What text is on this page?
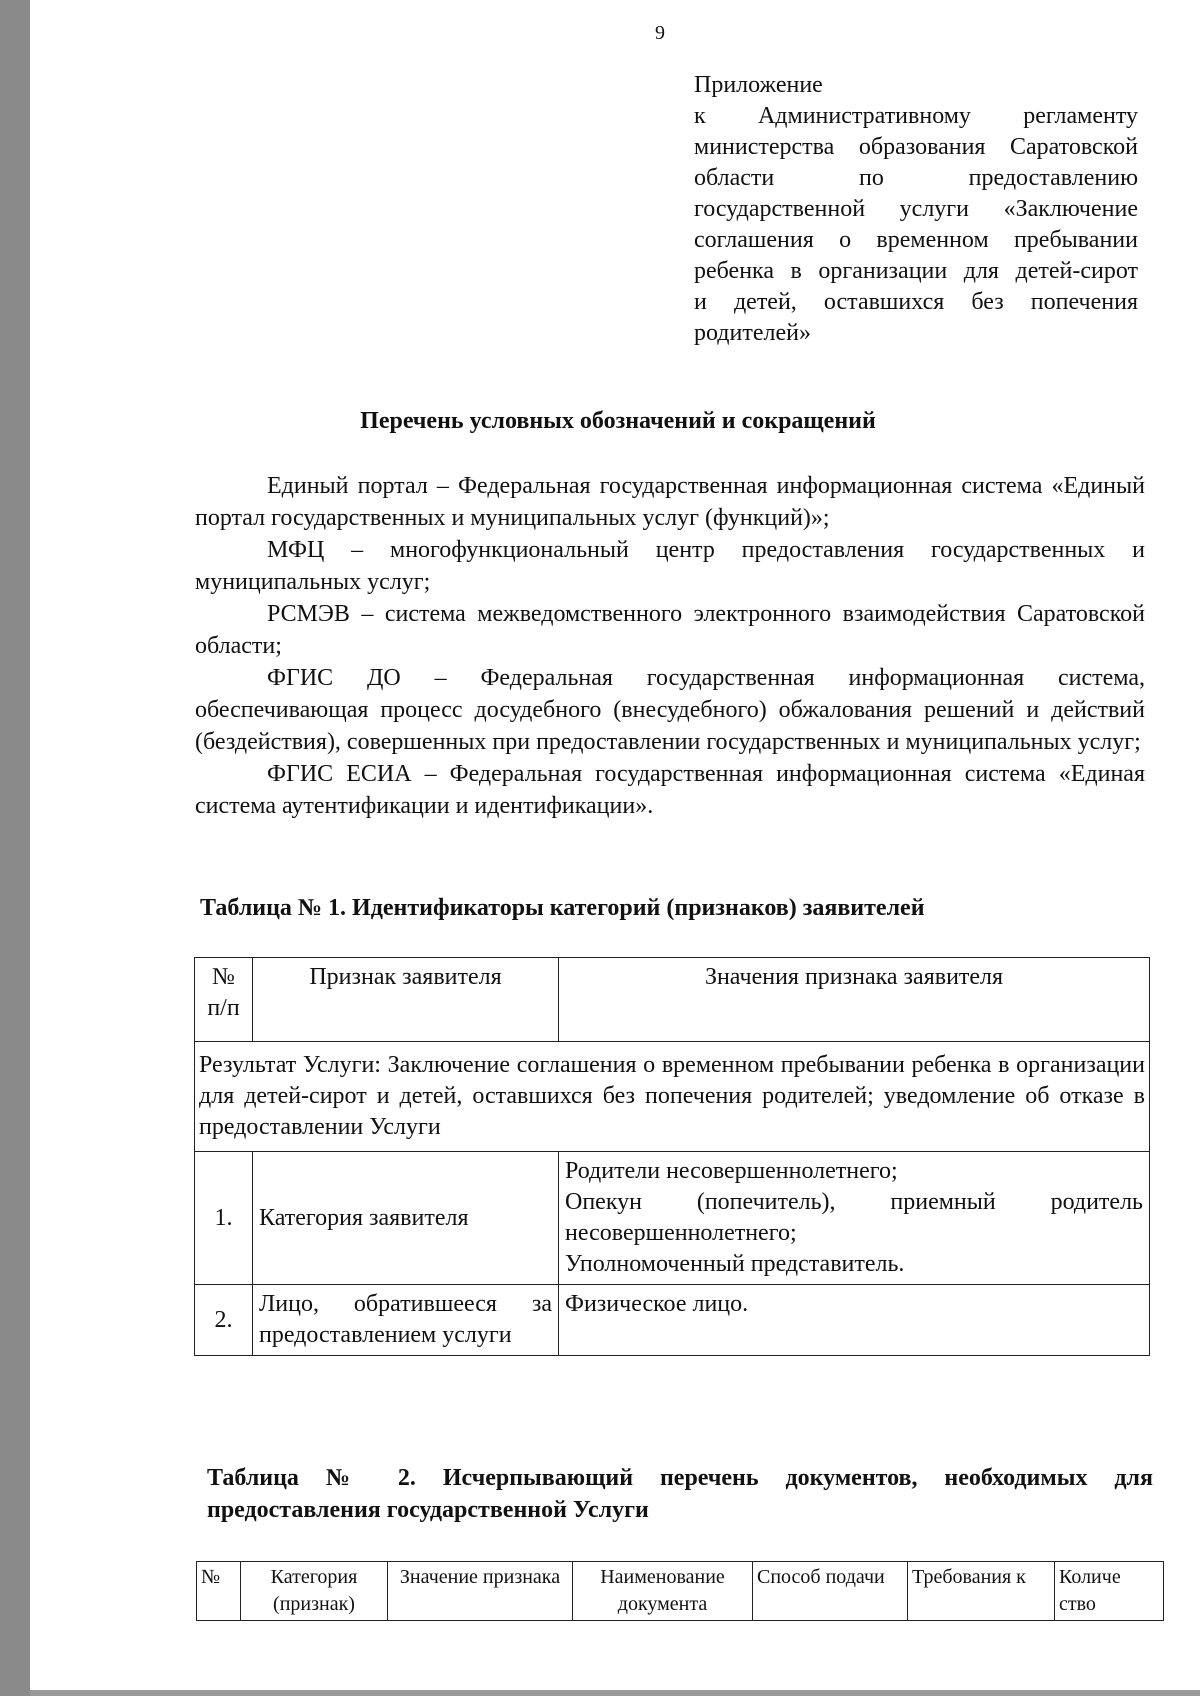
9
Приложение
к Административному регламенту
министерства образования Саратовской
области по предоставлению
государственной услуги «Заключение
соглашения о временном пребывании
ребенка в организации для детей-сирот
и детей, оставшихся без попечения
родителей»
Перечень условных обозначений и сокращений

Единый портал – Федеральная государственная информационная система «Единый портал государственных и муниципальных услуг (функций)»;

МФЦ – многофункциональный центр предоставления государственных и муниципальных услуг;

РСМЭВ – система межведомственного электронного взаимодействия Саратовской области;

ФГИС ДО – Федеральная государственная информационная система, обеспечивающая процесс досудебного (внесудебного) обжалования решений и действий (бездействия), совершенных при предоставлении государственных и муниципальных услуг;

ФГИС ЕСИА – Федеральная государственная информационная система «Единая система аутентификации и идентификации».

Таблица № 1. Идентификаторы категорий (признаков) заявителей
№ п/п	Признак заявителя	Значения признака заявителя
Результат Услуги: Заключение соглашения о временном пребывании ребенка в организации для детей-сирот и детей, оставшихся без попечения родителей; уведомление об отказе в предоставлении Услуги		
1.	Категория заявителя	Родители несовершеннолетнего;
Опекун (попечитель), приемный родитель несовершеннолетнего;
Уполномоченный представитель.

2.	Лицо, обратившееся за предоставлением услуги	Физическое лицо.
Таблица № 2. Исчерпывающий перечень документов, необходимых для предоставления государственной Услуги
№	Категория (признак)	Значение признака	Наименование документа	Способ подачи	Требования к	Количе ство
